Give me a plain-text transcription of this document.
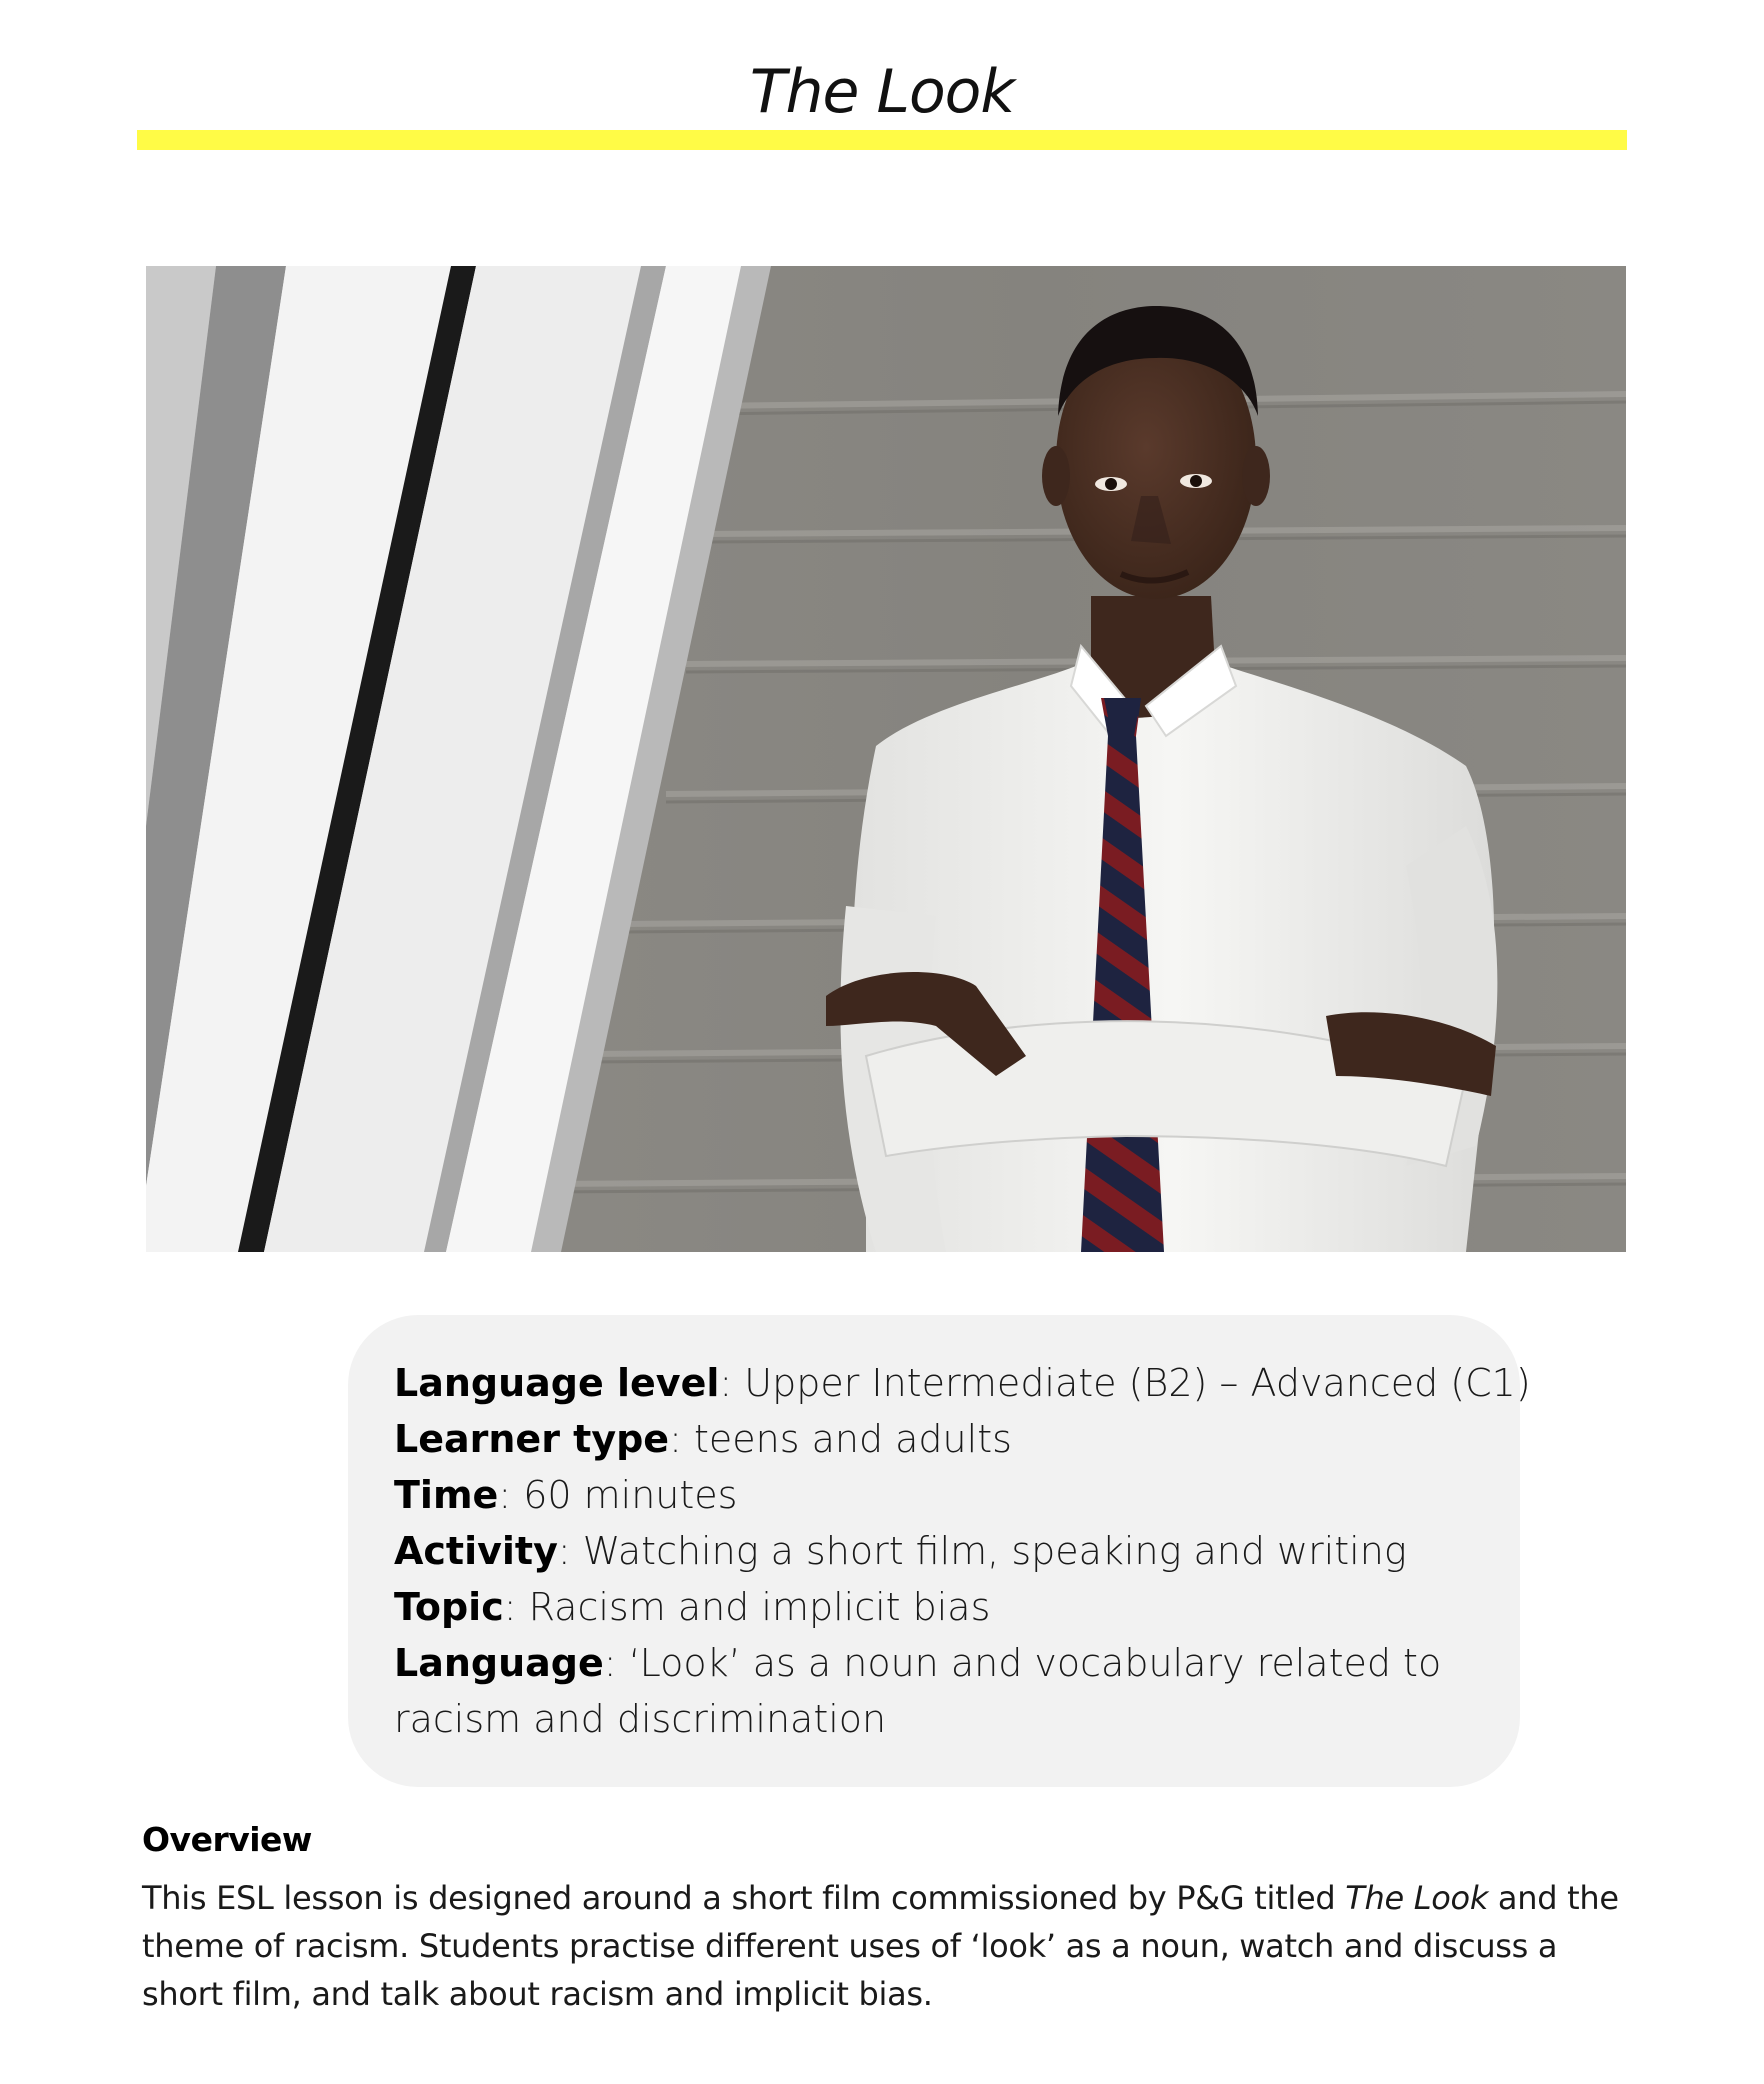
The Look
Language level: Upper Intermediate (B2) – Advanced (C1)
Learner type: teens and adults
Time: 60 minutes
Activity: Watching a short film, speaking and writing
Topic: Racism and implicit bias
Language: ‘Look’ as a noun and vocabulary related to racism and discrimination
Overview

This ESL lesson is designed around a short film commissioned by P&G titled The Look and the theme of racism. Students practise different uses of ‘look’ as a noun, watch and discuss a short film, and talk about racism and implicit bias.
